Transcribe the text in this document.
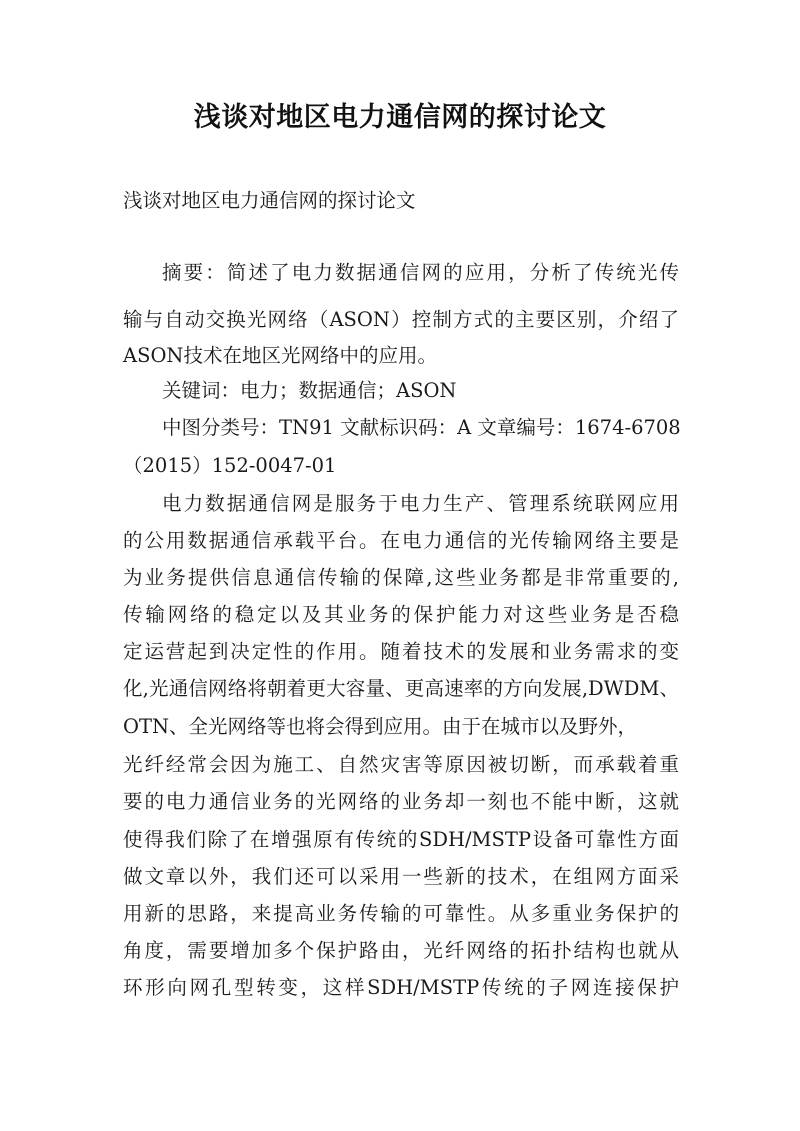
浅谈对地区电力通信网的探讨论文

浅谈对地区电力通信网的探讨论文

摘要：简述了电力数据通信网的应用，分析了传统光传

输与自动交换光网络（ASON）控制方式的主要区别，介绍了

ASON技术在地区光网络中的应用。

关键词：电力；数据通信；ASON

中图分类号：TN91 文献标识码：A 文章编号：1674-6708

（2015）152-0047-01

电力数据通信网是服务于电力生产、管理系统联网应用

的公用数据通信承载平台。在电力通信的光传输网络主要是

为业务提供信息通信传输的保障,这些业务都是非常重要的,

传输网络的稳定以及其业务的保护能力对这些业务是否稳

定运营起到决定性的作用。随着技术的发展和业务需求的变

化,光通信网络将朝着更大容量、更高速率的方向发展,DWDM、

OTN、全光网络等也将会得到应用。由于在城市以及野外，

光纤经常会因为施工、自然灾害等原因被切断，而承载着重

要的电力通信业务的光网络的业务却一刻也不能中断，这就

使得我们除了在增强原有传统的SDH/MSTP设备可靠性方面

做文章以外，我们还可以采用一些新的技术，在组网方面采

用新的思路，来提高业务传输的可靠性。从多重业务保护的

角度，需要增加多个保护路由，光纤网络的拓扑结构也就从

环形向网孔型转变，这样SDH/MSTP传统的子网连接保护
